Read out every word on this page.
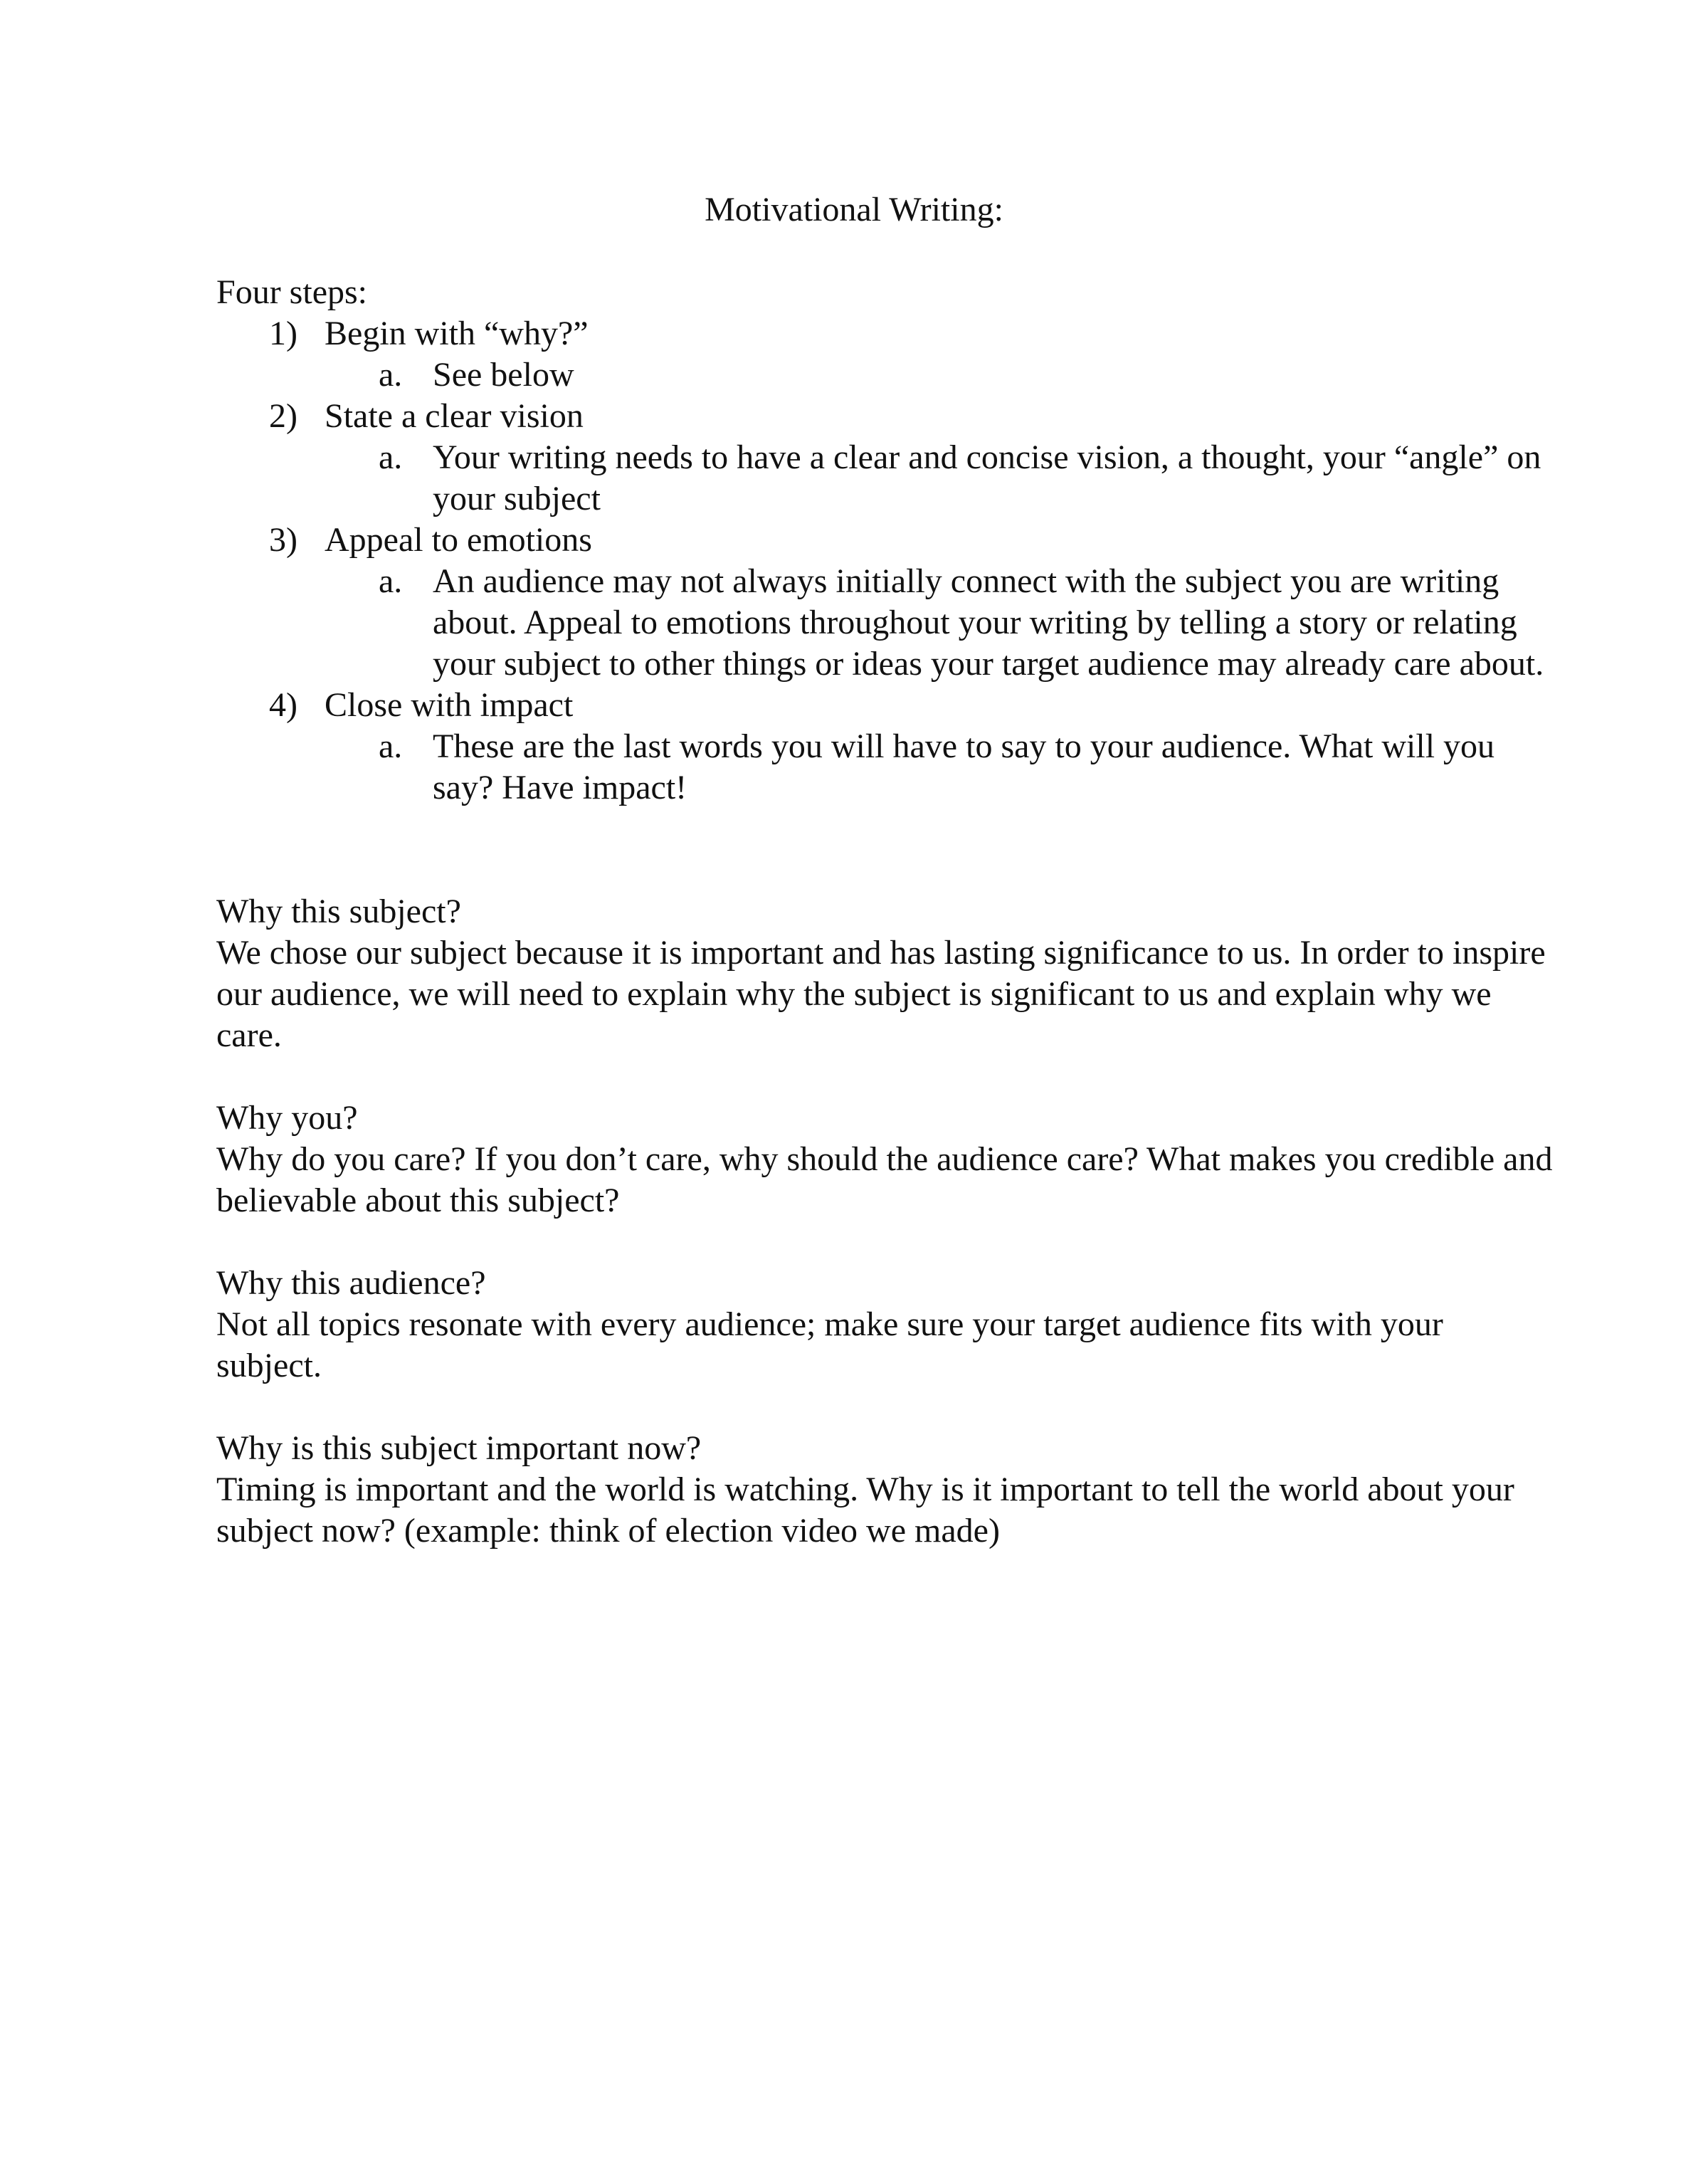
Motivational Writing:
Four steps:
1) Begin with “why?”
a. See below
2) State a clear vision
a. Your writing needs to have a clear and concise vision, a thought, your “angle” on your subject
3) Appeal to emotions
a. An audience may not always initially connect with the subject you are writing about. Appeal to emotions throughout your writing by telling a story or relating your subject to other things or ideas your target audience may already care about.
4) Close with impact
a. These are the last words you will have to say to your audience. What will you say? Have impact!
Why this subject?
We chose our subject because it is important and has lasting significance to us. In order to inspire our audience, we will need to explain why the subject is significant to us and explain why we care.
Why you?
Why do you care? If you don’t care, why should the audience care? What makes you credible and believable about this subject?
Why this audience?
Not all topics resonate with every audience; make sure your target audience fits with your subject.
Why is this subject important now?
Timing is important and the world is watching. Why is it important to tell the world about your subject now? (example: think of election video we made)
